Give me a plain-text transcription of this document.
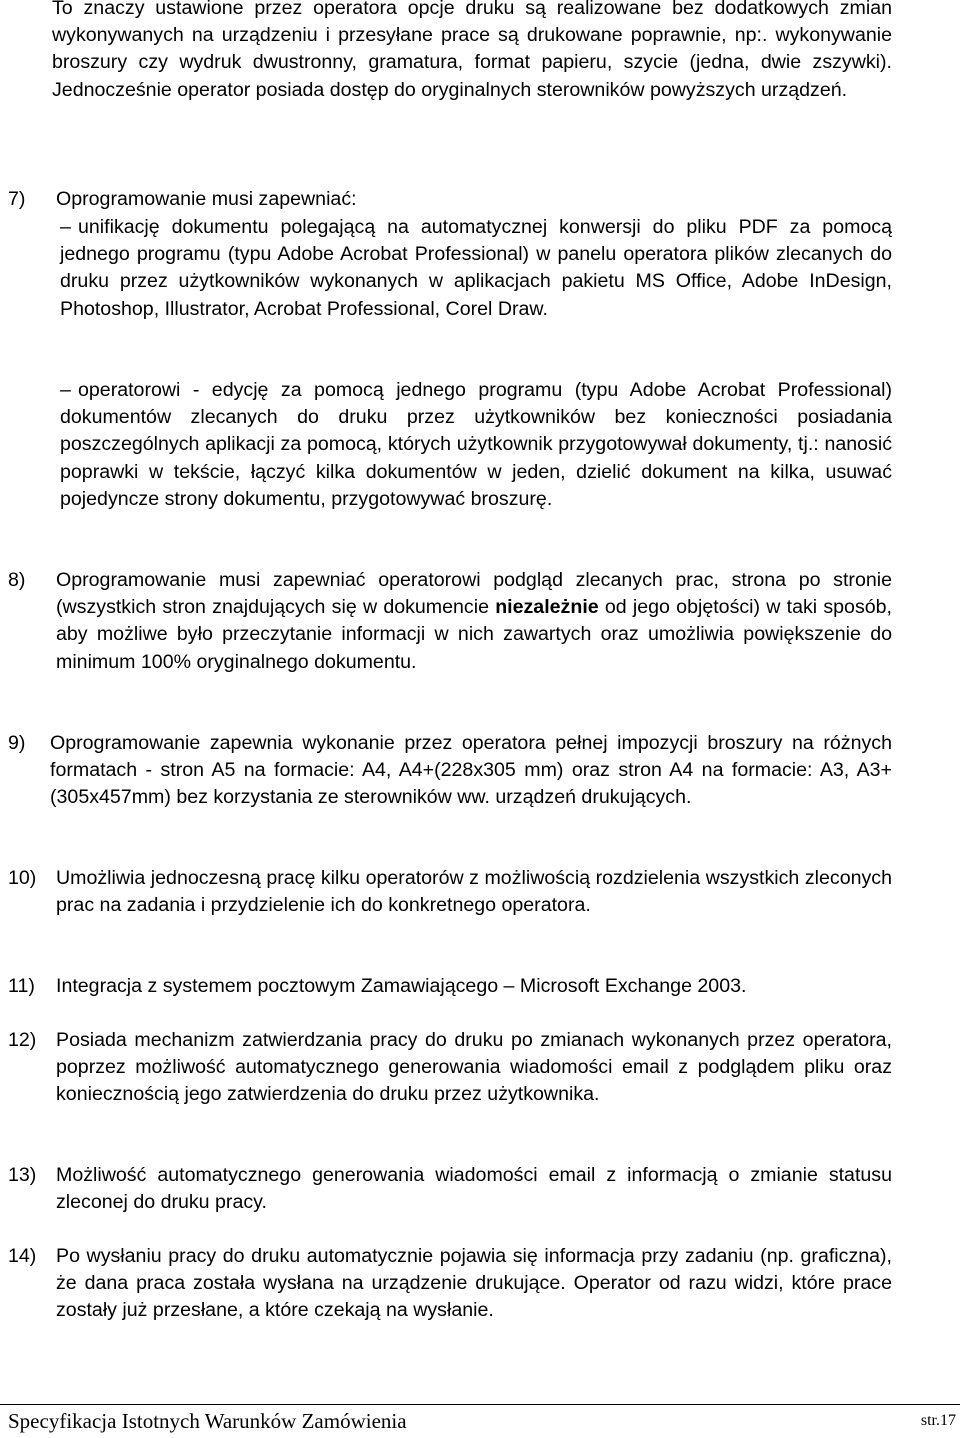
To znaczy ustawione przez operatora opcje druku są realizowane bez dodatkowych zmian wykonywanych na urządzeniu i przesyłane prace są drukowane poprawnie, np:. wykonywanie broszury czy wydruk dwustronny, gramatura, format papieru, szycie (jedna, dwie zszywki). Jednocześnie operator posiada dostęp do oryginalnych sterowników powyższych urządzeń.
7) Oprogramowanie musi zapewniać:
– unifikację dokumentu polegającą na automatycznej konwersji do pliku PDF za pomocą jednego programu (typu Adobe Acrobat Professional) w panelu operatora plików zlecanych do druku przez użytkowników wykonanych w aplikacjach pakietu MS Office, Adobe InDesign, Photoshop, Illustrator, Acrobat Professional, Corel Draw.
– operatorowi - edycję za pomocą jednego programu (typu Adobe Acrobat Professional) dokumentów zlecanych do druku przez użytkowników bez konieczności posiadania poszczególnych aplikacji za pomocą, których użytkownik przygotowywał dokumenty, tj.: nanosić poprawki w tekście, łączyć kilka dokumentów w jeden, dzielić dokument na kilka, usuwać pojedyncze strony dokumentu, przygotowywać broszurę.
8) Oprogramowanie musi zapewniać operatorowi podgląd zlecanych prac, strona po stronie (wszystkich stron znajdujących się w dokumencie niezależnie od jego objętości) w taki sposób, aby możliwe było przeczytanie informacji w nich zawartych oraz umożliwia powiększenie do minimum 100% oryginalnego dokumentu.
9) Oprogramowanie zapewnia wykonanie przez operatora pełnej impozycji broszury na różnych formatach - stron A5 na formacie: A4, A4+(228x305 mm) oraz stron A4 na formacie: A3, A3+(305x457mm) bez korzystania ze sterowników ww. urządzeń drukujących.
10) Umożliwia jednoczesną pracę kilku operatorów z możliwością rozdzielenia wszystkich zleconych prac na zadania i przydzielenie ich do konkretnego operatora.
11) Integracja z systemem pocztowym Zamawiającego – Microsoft Exchange 2003.
12) Posiada mechanizm zatwierdzania pracy do druku po zmianach wykonanych przez operatora, poprzez możliwość automatycznego generowania wiadomości email z podglądem pliku oraz koniecznością jego zatwierdzenia do druku przez użytkownika.
13) Możliwość automatycznego generowania wiadomości email z informacją o zmianie statusu zleconej do druku pracy.
14) Po wysłaniu pracy do druku automatycznie pojawia się informacja przy zadaniu (np. graficzna), że dana praca została wysłana na urządzenie drukujące. Operator od razu widzi, które prace zostały już przesłane, a które czekają na wysłanie.
Specyfikacja Istotnych Warunków Zamówienia	str.17
